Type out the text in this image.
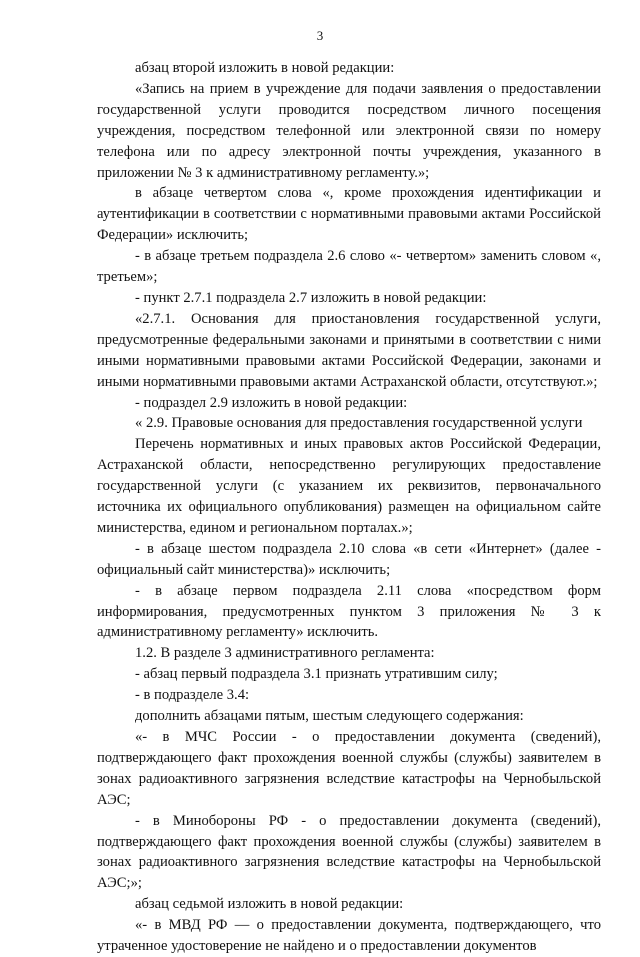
3

абзац второй изложить в новой редакции:

«Запись на прием в учреждение для подачи заявления о предоставлении государственной услуги проводится посредством личного посещения учреждения, посредством телефонной или электронной связи по номеру телефона или по адресу электронной почты учреждения, указанного в приложении № 3 к административному регламенту.»;

в абзаце четвертом слова «, кроме прохождения идентификации и аутентификации в соответствии с нормативными правовыми актами Российской Федерации» исключить;

- в абзаце третьем подраздела 2.6 слово «- четвертом» заменить словом «, третьем»;

- пункт 2.7.1 подраздела 2.7 изложить в новой редакции:

«2.7.1. Основания для приостановления государственной услуги, предусмотренные федеральными законами и принятыми в соответствии с ними иными нормативными правовыми актами Российской Федерации, законами и иными нормативными правовыми актами Астраханской области, отсутствуют.»;

- подраздел 2.9 изложить в новой редакции:

« 2.9. Правовые основания для предоставления государственной услуги

Перечень нормативных и иных правовых актов Российской Федерации, Астраханской области, непосредственно регулирующих предоставление государственной услуги (с указанием их реквизитов, первоначального источника их официального опубликования) размещен на официальном сайте министерства, едином и региональном порталах.»;

- в абзаце шестом подраздела 2.10 слова «в сети «Интернет» (далее - официальный сайт министерства)» исключить;

- в абзаце первом подраздела 2.11 слова «посредством форм информирования, предусмотренных пунктом 3 приложения № 3 к административному регламенту» исключить.

1.2. В разделе 3 административного регламента:

- абзац первый подраздела 3.1 признать утратившим силу;

- в подразделе 3.4:

дополнить абзацами пятым, шестым следующего содержания:

«- в МЧС России - о предоставлении документа (сведений), подтверждающего факт прохождения военной службы (службы) заявителем в зонах радиоактивного загрязнения вследствие катастрофы на Чернобыльской АЭС;

- в Минобороны РФ - о предоставлении документа (сведений), подтверждающего факт прохождения военной службы (службы) заявителем в зонах радиоактивного загрязнения вследствие катастрофы на Чернобыльской АЭС;»;

абзац седьмой изложить в новой редакции:

«- в МВД РФ — о предоставлении документа, подтверждающего, что утраченное удостоверение не найдено и о предоставлении документов
